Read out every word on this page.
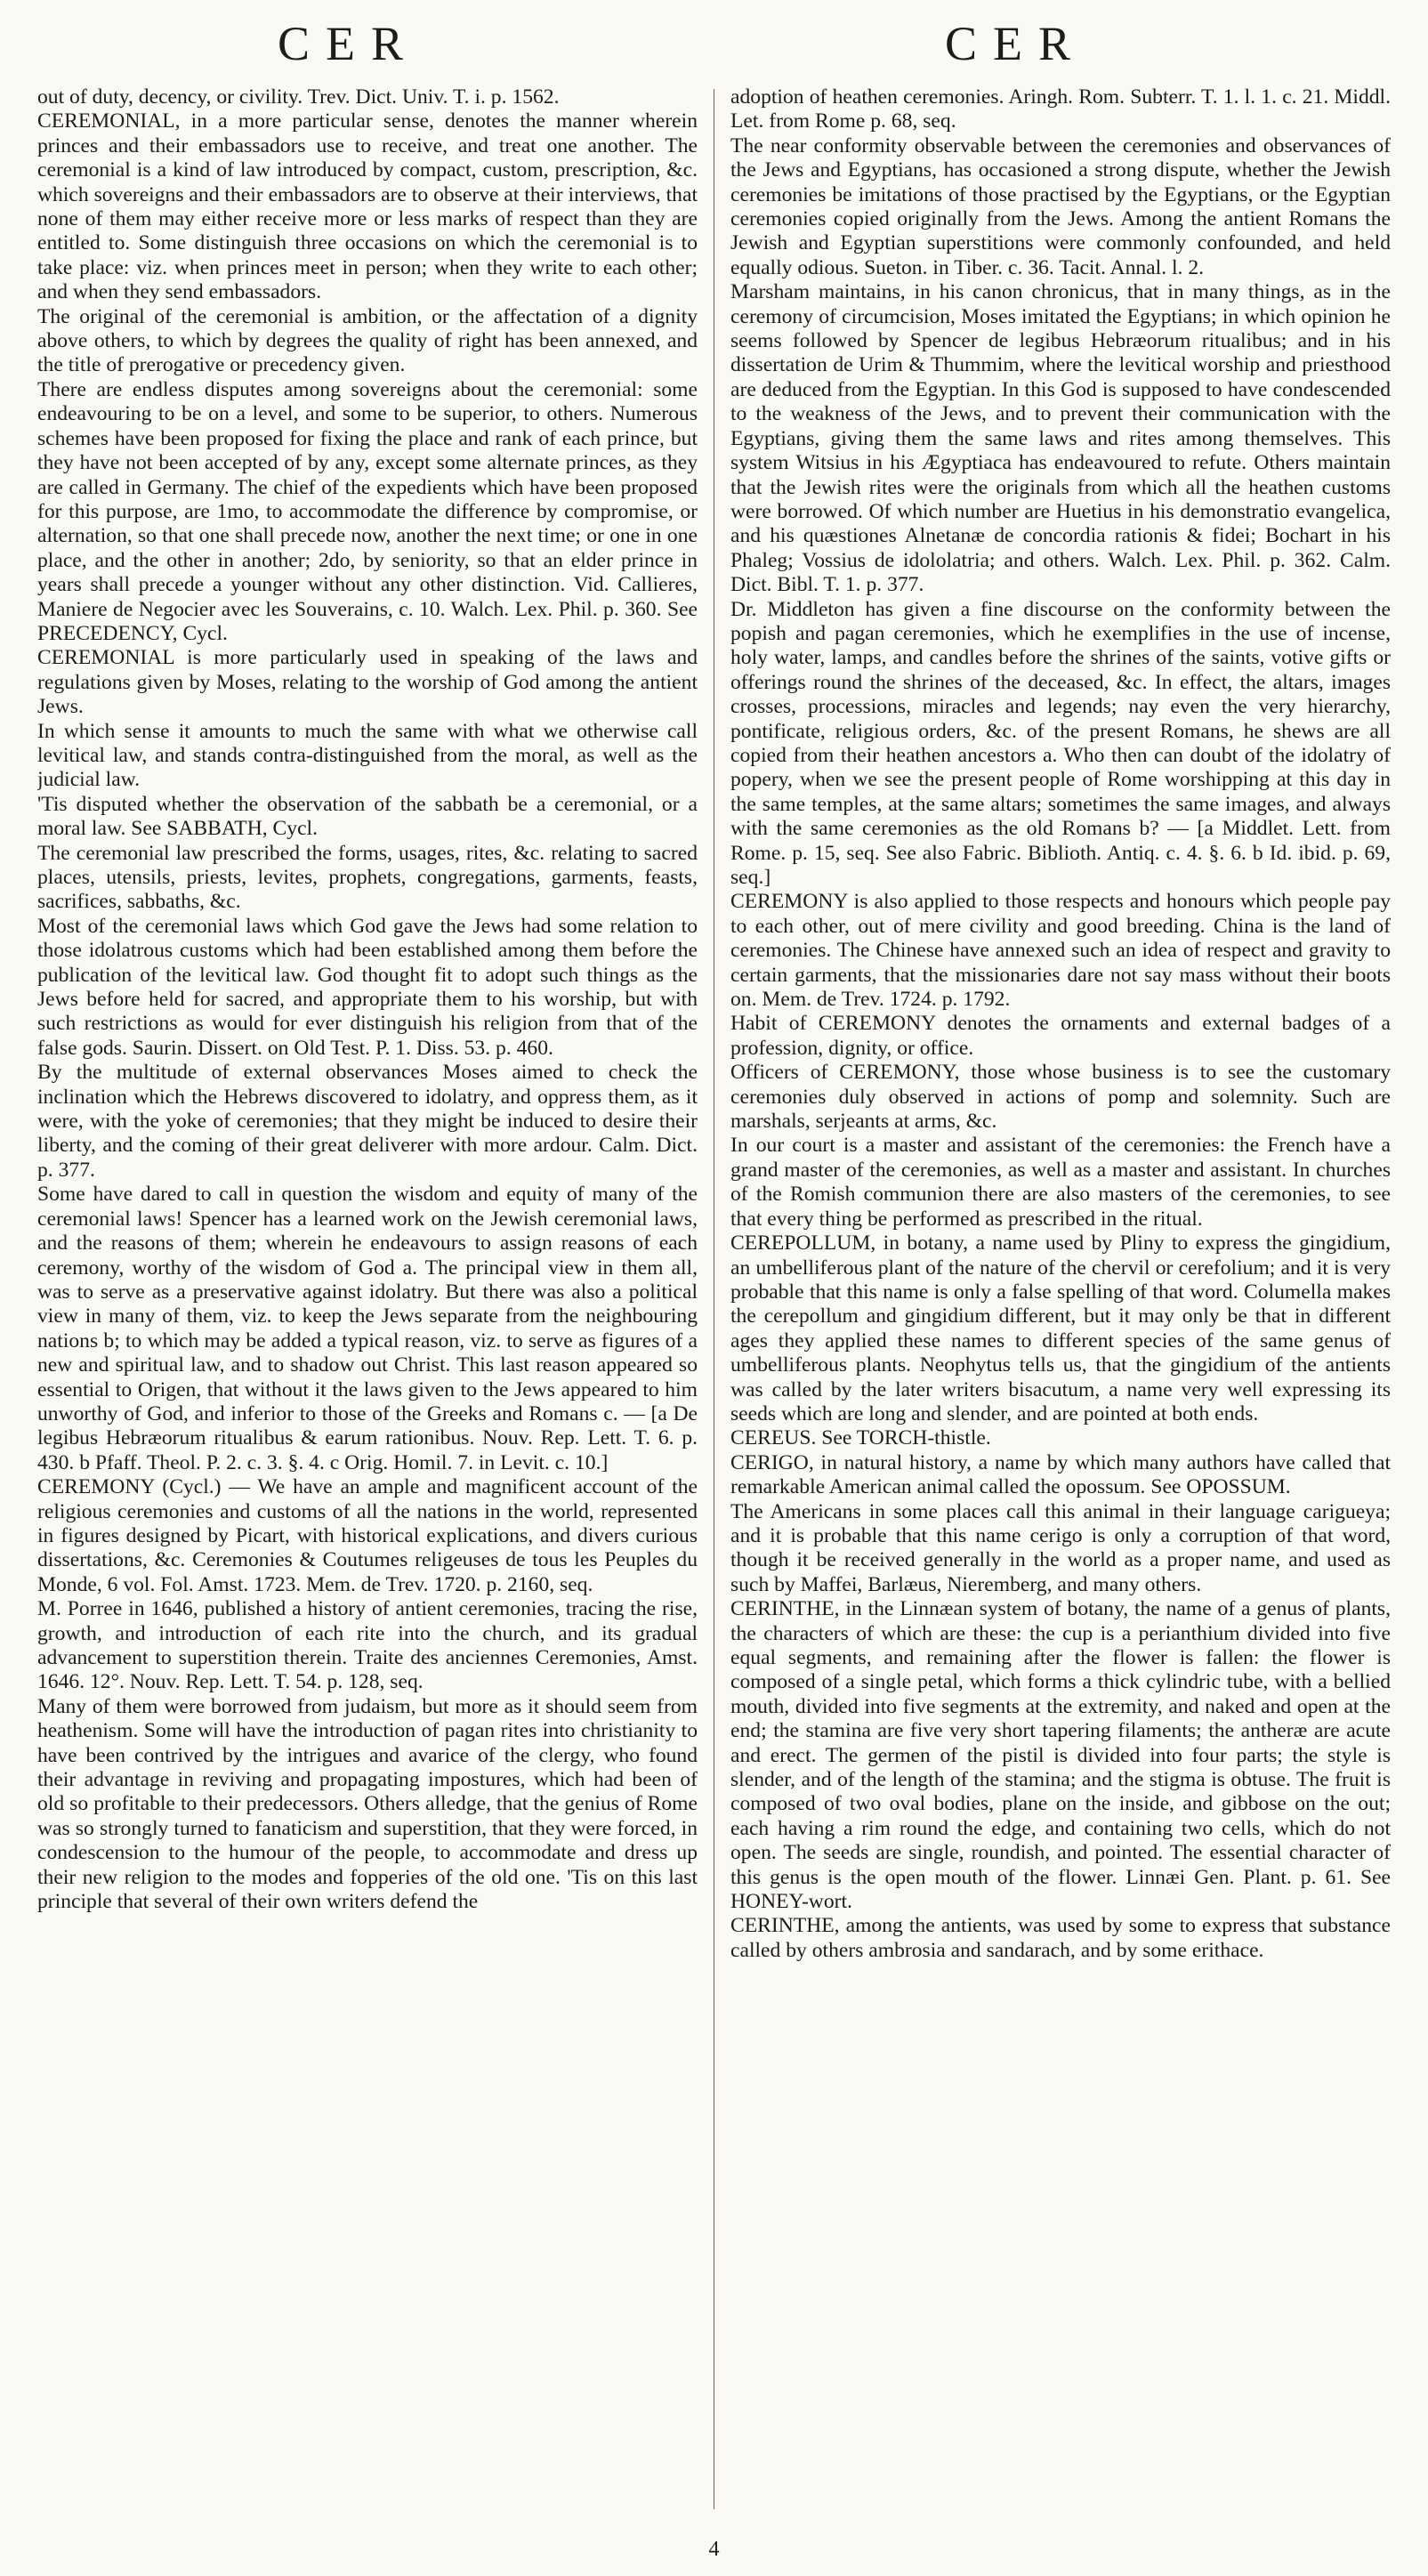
CER	CER

out of duty, decency, or civility. Trev. Dict. Univ. T. i. p. 1562.

CEREMONIAL, in a more particular sense, denotes the manner wherein princes and their embassadors use to receive, and treat one another. The ceremonial is a kind of law introduced by compact, custom, prescription, &c. which sovereigns and their embassadors are to observe at their interviews, that none of them may either receive more or less marks of respect than they are entitled to. Some distinguish three occasions on which the ceremonial is to take place: viz. when princes meet in person; when they write to each other; and when they send embassadors.

The original of the ceremonial is ambition, or the affectation of a dignity above others, to which by degrees the quality of right has been annexed, and the title of prerogative or precedency given.

There are endless disputes among sovereigns about the ceremonial: some endeavouring to be on a level, and some to be superior, to others. Numerous schemes have been proposed for fixing the place and rank of each prince, but they have not been accepted of by any, except some alternate princes, as they are called in Germany. The chief of the expedients which have been proposed for this purpose, are 1mo, to accommodate the difference by compromise, or alternation, so that one shall precede now, another the next time; or one in one place, and the other in another; 2do, by seniority, so that an elder prince in years shall precede a younger without any other distinction. Vid. Callieres, Maniere de Negocier avec les Souverains, c. 10. Walch. Lex. Phil. p. 360. See PRECEDENCY, Cycl.

CEREMONIAL is more particularly used in speaking of the laws and regulations given by Moses, relating to the worship of God among the antient Jews.

In which sense it amounts to much the same with what we otherwise call levitical law, and stands contra-distinguished from the moral, as well as the judicial law.

'Tis disputed whether the observation of the sabbath be a ceremonial, or a moral law. See SABBATH, Cycl.

The ceremonial law prescribed the forms, usages, rites, &c. relating to sacred places, utensils, priests, levites, prophets, congregations, garments, feasts, sacrifices, sabbaths, &c.

Most of the ceremonial laws which God gave the Jews had some relation to those idolatrous customs which had been established among them before the publication of the levitical law. God thought fit to adopt such things as the Jews before held for sacred, and appropriate them to his worship, but with such restrictions as would for ever distinguish his religion from that of the false gods. Saurin. Dissert. on Old Test. P. 1. Diss. 53. p. 460.

By the multitude of external observances Moses aimed to check the inclination which the Hebrews discovered to idolatry, and oppress them, as it were, with the yoke of ceremonies; that they might be induced to desire their liberty, and the coming of their great deliverer with more ardour. Calm. Dict. p. 377.

Some have dared to call in question the wisdom and equity of many of the ceremonial laws! Spencer has a learned work on the Jewish ceremonial laws, and the reasons of them; wherein he endeavours to assign reasons of each ceremony, worthy of the wisdom of God a. The principal view in them all, was to serve as a preservative against idolatry. But there was also a political view in many of them, viz. to keep the Jews separate from the neighbouring nations b; to which may be added a typical reason, viz. to serve as figures of a new and spiritual law, and to shadow out Christ. This last reason appeared so essential to Origen, that without it the laws given to the Jews appeared to him unworthy of God, and inferior to those of the Greeks and Romans c. — [a De legibus Hebræorum ritualibus & earum rationibus. Nouv. Rep. Lett. T. 6. p. 430. b Pfaff. Theol. P. 2. c. 3. §. 4. c Orig. Homil. 7. in Levit. c. 10.]

CEREMONY (Cycl.) — We have an ample and magnificent account of the religious ceremonies and customs of all the nations in the world, represented in figures designed by Picart, with historical explications, and divers curious dissertations, &c. Ceremonies & Coutumes religeuses de tous les Peuples du Monde, 6 vol. Fol. Amst. 1723. Mem. de Trev. 1720. p. 2160, seq.

M. Porree in 1646, published a history of antient ceremonies, tracing the rise, growth, and introduction of each rite into the church, and its gradual advancement to superstition therein. Traite des anciennes Ceremonies, Amst. 1646. 12°. Nouv. Rep. Lett. T. 54. p. 128, seq.

Many of them were borrowed from judaism, but more as it should seem from heathenism. Some will have the introduction of pagan rites into christianity to have been contrived by the intrigues and avarice of the clergy, who found their advantage in reviving and propagating impostures, which had been of old so profitable to their predecessors. Others alledge, that the genius of Rome was so strongly turned to fanaticism and superstition, that they were forced, in condescension to the humour of the people, to accommodate and dress up their new religion to the modes and fopperies of the old one. 'Tis on this last principle that several of their own writers defend the

adoption of heathen ceremonies. Aringh. Rom. Subterr. T. 1. l. 1. c. 21. Middl. Let. from Rome p. 68, seq.

The near conformity observable between the ceremonies and observances of the Jews and Egyptians, has occasioned a strong dispute, whether the Jewish ceremonies be imitations of those practised by the Egyptians, or the Egyptian ceremonies copied originally from the Jews. Among the antient Romans the Jewish and Egyptian superstitions were commonly confounded, and held equally odious. Sueton. in Tiber. c. 36. Tacit. Annal. l. 2.

Marsham maintains, in his canon chronicus, that in many things, as in the ceremony of circumcision, Moses imitated the Egyptians; in which opinion he seems followed by Spencer de legibus Hebræorum ritualibus; and in his dissertation de Urim & Thummim, where the levitical worship and priesthood are deduced from the Egyptian. In this God is supposed to have condescended to the weakness of the Jews, and to prevent their communication with the Egyptians, giving them the same laws and rites among themselves. This system Witsius in his Ægyptiaca has endeavoured to refute. Others maintain that the Jewish rites were the originals from which all the heathen customs were borrowed. Of which number are Huetius in his demonstratio evangelica, and his quæstiones Alnetanæ de concordia rationis & fidei; Bochart in his Phaleg; Vossius de idololatria; and others. Walch. Lex. Phil. p. 362. Calm. Dict. Bibl. T. 1. p. 377.

Dr. Middleton has given a fine discourse on the conformity between the popish and pagan ceremonies, which he exemplifies in the use of incense, holy water, lamps, and candles before the shrines of the saints, votive gifts or offerings round the shrines of the deceased, &c. In effect, the altars, images crosses, processions, miracles and legends; nay even the very hierarchy, pontificate, religious orders, &c. of the present Romans, he shews are all copied from their heathen ancestors a. Who then can doubt of the idolatry of popery, when we see the present people of Rome worshipping at this day in the same temples, at the same altars; sometimes the same images, and always with the same ceremonies as the old Romans b? — [a Middlet. Lett. from Rome. p. 15, seq. See also Fabric. Biblioth. Antiq. c. 4. §. 6. b Id. ibid. p. 69, seq.]

CEREMONY is also applied to those respects and honours which people pay to each other, out of mere civility and good breeding. China is the land of ceremonies. The Chinese have annexed such an idea of respect and gravity to certain garments, that the missionaries dare not say mass without their boots on. Mem. de Trev. 1724. p. 1792.

Habit of CEREMONY denotes the ornaments and external badges of a profession, dignity, or office.

Officers of CEREMONY, those whose business is to see the customary ceremonies duly observed in actions of pomp and solemnity. Such are marshals, serjeants at arms, &c.

In our court is a master and assistant of the ceremonies: the French have a grand master of the ceremonies, as well as a master and assistant. In churches of the Romish communion there are also masters of the ceremonies, to see that every thing be performed as prescribed in the ritual.

CEREPOLLUM, in botany, a name used by Pliny to express the gingidium, an umbelliferous plant of the nature of the chervil or cerefolium; and it is very probable that this name is only a false spelling of that word. Columella makes the cerepollum and gingidium different, but it may only be that in different ages they applied these names to different species of the same genus of umbelliferous plants. Neophytus tells us, that the gingidium of the antients was called by the later writers bisacutum, a name very well expressing its seeds which are long and slender, and are pointed at both ends.

CEREUS. See TORCH-thistle.

CERIGO, in natural history, a name by which many authors have called that remarkable American animal called the opossum. See OPOSSUM.

The Americans in some places call this animal in their language carigueya; and it is probable that this name cerigo is only a corruption of that word, though it be received generally in the world as a proper name, and used as such by Maffei, Barlæus, Nieremberg, and many others.

CERINTHE, in the Linnæan system of botany, the name of a genus of plants, the characters of which are these: the cup is a perianthium divided into five equal segments, and remaining after the flower is fallen: the flower is composed of a single petal, which forms a thick cylindric tube, with a bellied mouth, divided into five segments at the extremity, and naked and open at the end; the stamina are five very short tapering filaments; the antheræ are acute and erect. The germen of the pistil is divided into four parts; the style is slender, and of the length of the stamina; and the stigma is obtuse. The fruit is composed of two oval bodies, plane on the inside, and gibbose on the out; each having a rim round the edge, and containing two cells, which do not open. The seeds are single, roundish, and pointed. The essential character of this genus is the open mouth of the flower. Linnæi Gen. Plant. p. 61. See HONEY-wort.

CERINTHE, among the antients, was used by some to express that substance called by others ambrosia and sandarach, and by some erithace.

4
